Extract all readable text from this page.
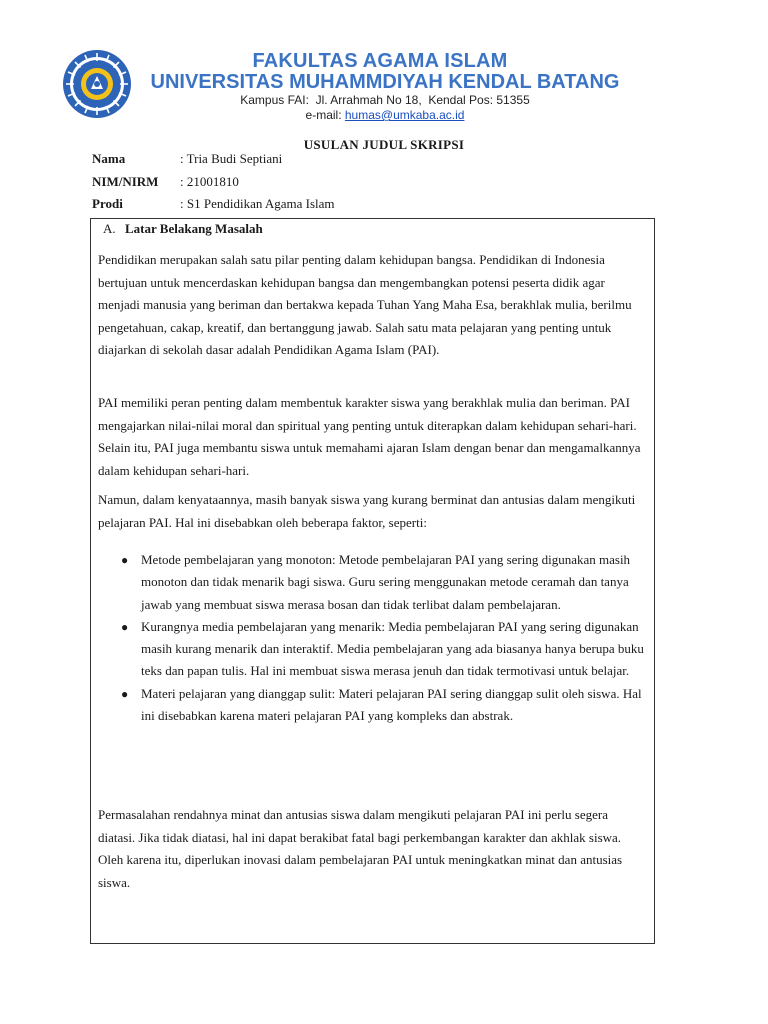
FAKULTAS AGAMA ISLAM
UNIVERSITAS MUHAMMDIYAH KENDAL BATANG
Kampus FAI:  Jl. Arrahmah No 18,  Kendal Pos: 51355
e-mail: humas@umkaba.ac.id
USULAN JUDUL SKRIPSI
Nama	: Tria Budi Septiani
NIM/NIRM : 21001810
Prodi	: S1 Pendidikan Agama Islam
A. Latar Belakang Masalah

Pendidikan merupakan salah satu pilar penting dalam kehidupan bangsa. Pendidikan di Indonesia bertujuan untuk mencerdaskan kehidupan bangsa dan mengembangkan potensi peserta didik agar menjadi manusia yang beriman dan bertakwa kepada Tuhan Yang Maha Esa, berakhlak mulia, berilmu pengetahuan, cakap, kreatif, dan bertanggung jawab. Salah satu mata pelajaran yang penting untuk diajarkan di sekolah dasar adalah Pendidikan Agama Islam (PAI).

PAI memiliki peran penting dalam membentuk karakter siswa yang berakhlak mulia dan beriman. PAI mengajarkan nilai-nilai moral dan spiritual yang penting untuk diterapkan dalam kehidupan sehari-hari. Selain itu, PAI juga membantu siswa untuk memahami ajaran Islam dengan benar dan mengamalkannya dalam kehidupan sehari-hari.

Namun, dalam kenyataannya, masih banyak siswa yang kurang berminat dan antusias dalam mengikuti pelajaran PAI. Hal ini disebabkan oleh beberapa faktor, seperti:

● Metode pembelajaran yang monoton: Metode pembelajaran PAI yang sering digunakan masih monoton dan tidak menarik bagi siswa. Guru sering menggunakan metode ceramah dan tanya jawab yang membuat siswa merasa bosan dan tidak terlibat dalam pembelajaran.
● Kurangnya media pembelajaran yang menarik: Media pembelajaran PAI yang sering digunakan masih kurang menarik dan interaktif. Media pembelajaran yang ada biasanya hanya berupa buku teks dan papan tulis. Hal ini membuat siswa merasa jenuh dan tidak termotivasi untuk belajar.
● Materi pelajaran yang dianggap sulit: Materi pelajaran PAI sering dianggap sulit oleh siswa. Hal ini disebabkan karena materi pelajaran PAI yang kompleks dan abstrak.

Permasalahan rendahnya minat dan antusias siswa dalam mengikuti pelajaran PAI ini perlu segera diatasi. Jika tidak diatasi, hal ini dapat berakibat fatal bagi perkembangan karakter dan akhlak siswa. Oleh karena itu, diperlukan inovasi dalam pembelajaran PAI untuk meningkatkan minat dan antusias siswa.
